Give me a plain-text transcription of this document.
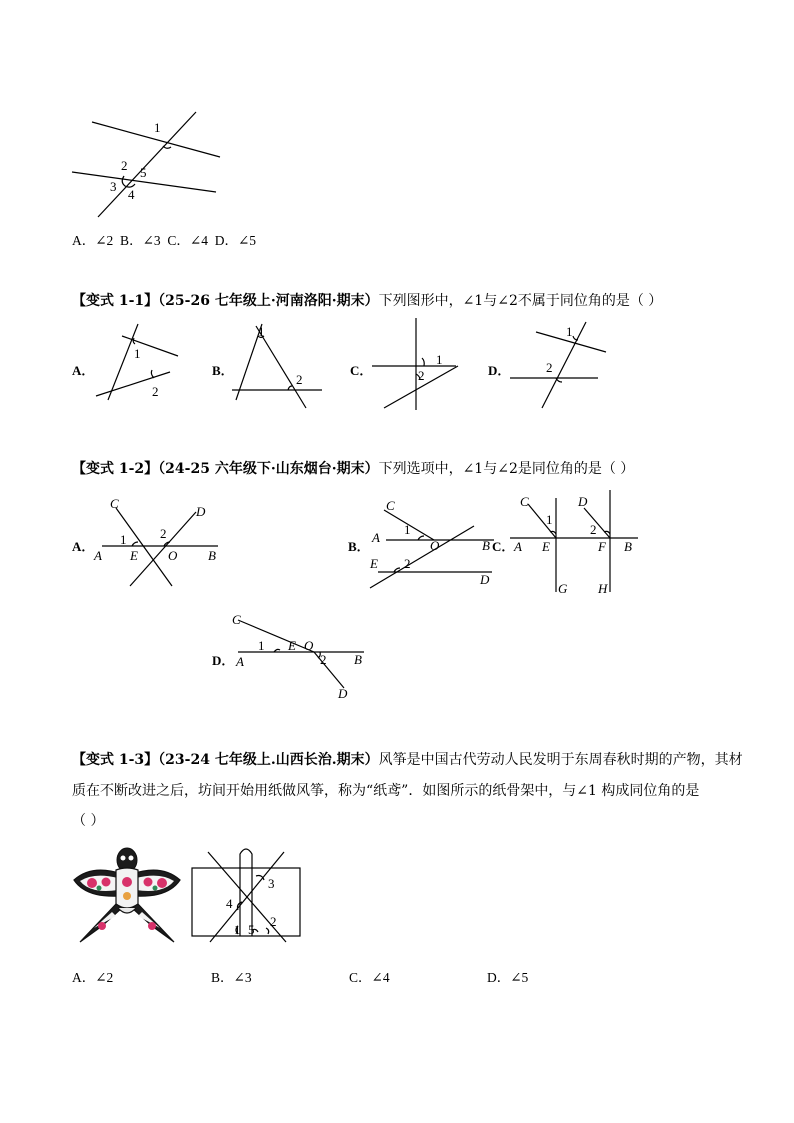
1
2 5
3
4
A．∠2  B．∠3  C．∠4  D．∠5
【变式 1-1】（25-26 七年级上·河南洛阳·期末）下列图形中，∠1与∠2不属于同位角的是（ ）
A．
1
2
B．
1
2
C．
1
2	D．
1
2
【变式 1-2】（24-25 六年级下·山东烟台·期末）下列选项中，∠1与∠2是同位角的是（ ）
A．
C
D
1	2
A E O B
B．
C
A
1
O	B
E 2
D
C．
C	D
1
2
A E	F B
G H
D．
C
1 E O
2 B
A
D
【变式 1-3】（23-24 七年级上.山西长治.期末）风筝是中国古代劳动人民发明于东周春秋时期的产物，其材
质在不断改进之后，坊间开始用纸做风筝，称为“纸鸢”．如图所示的纸骨架中，与∠1 构成同位角的是
（ ）
3
4
2
1 5
A．∠2	B．∠3	C．∠4	D．∠5
